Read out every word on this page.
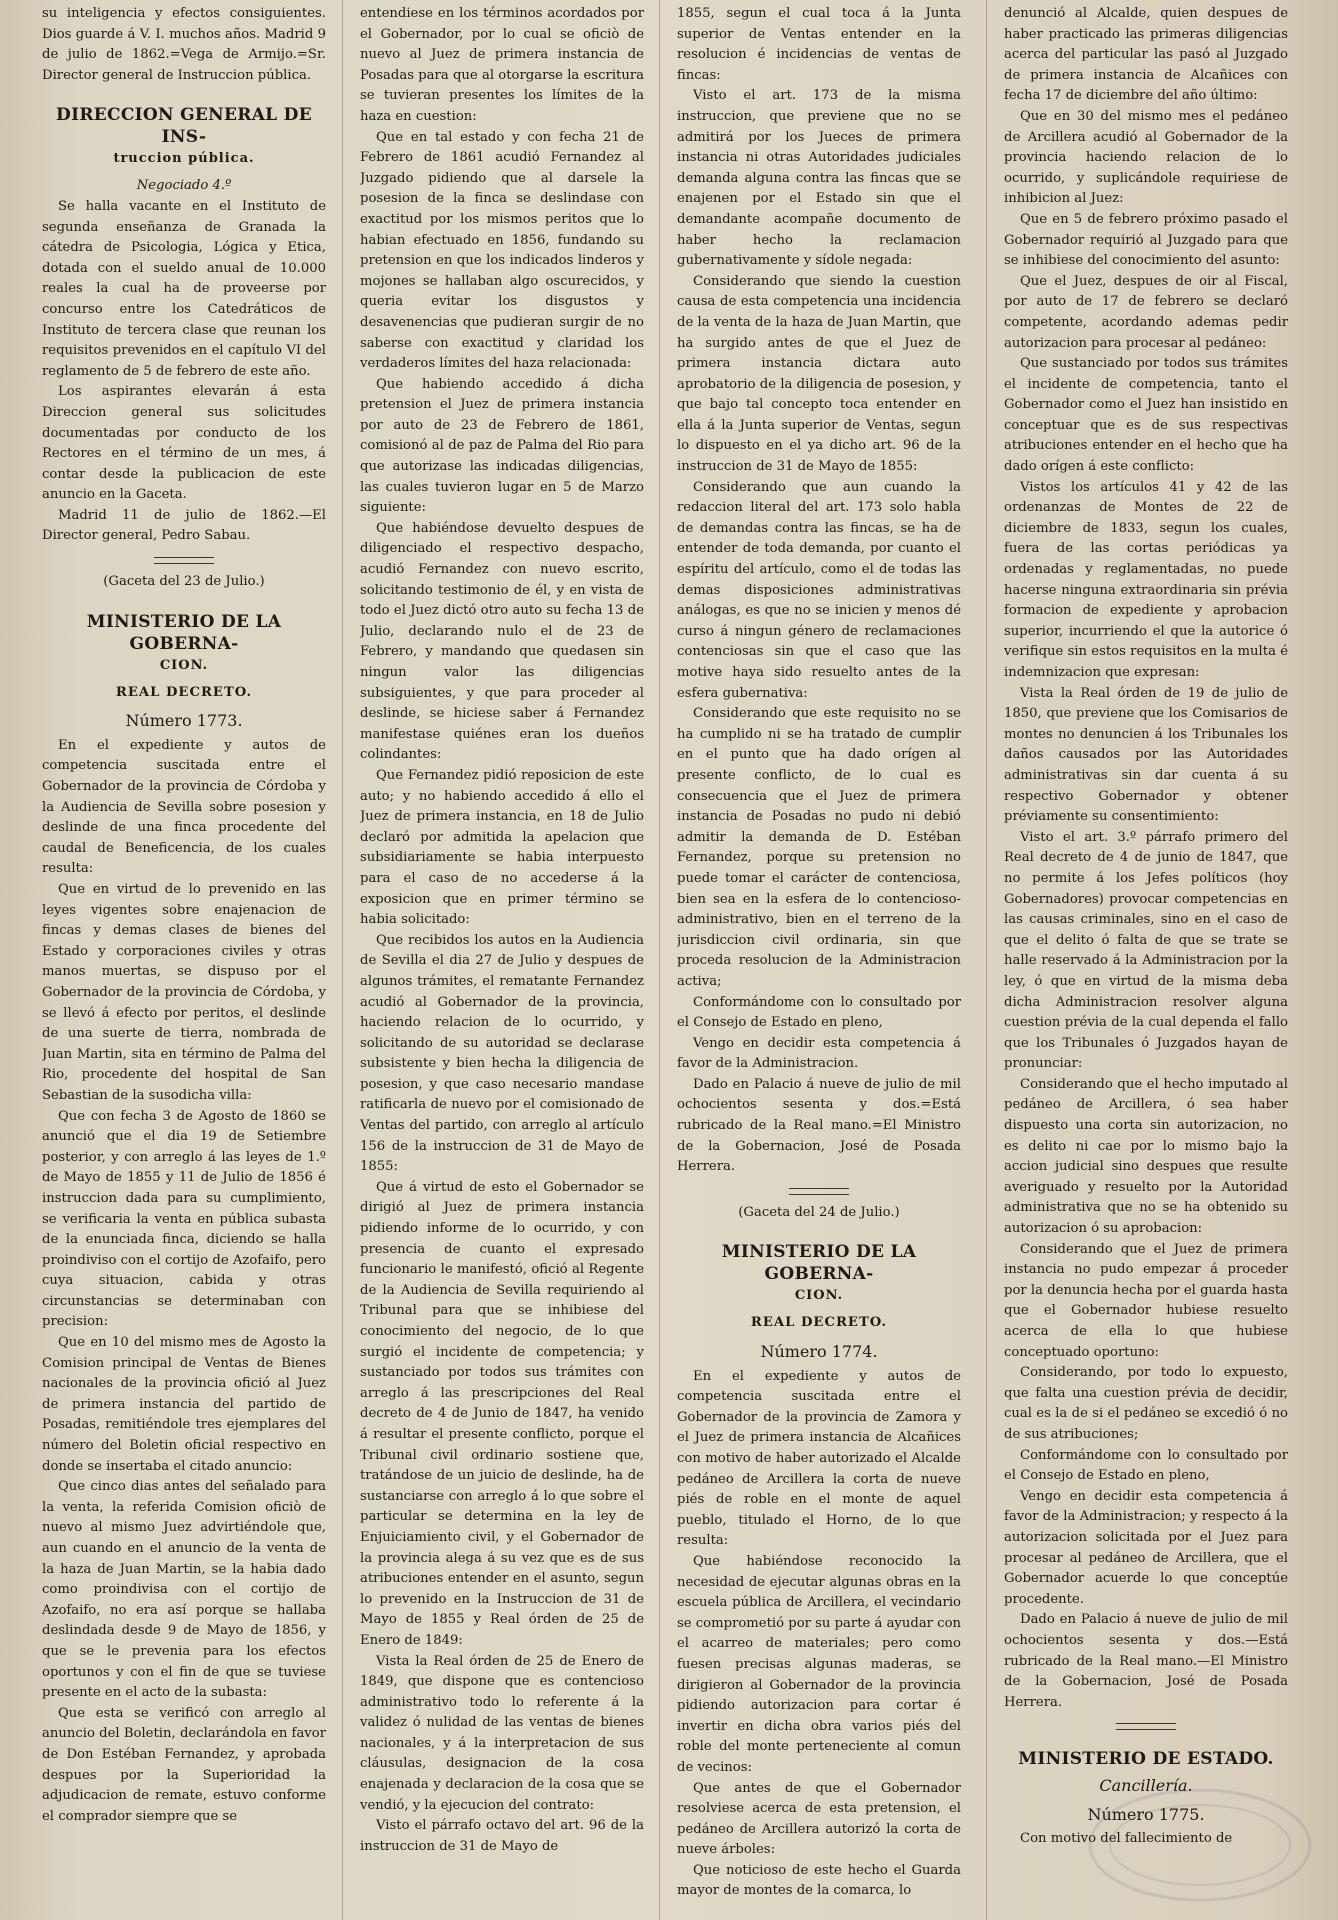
su inteligencia y efectos consiguientes. Dios guarde á V. I. muchos años. Madrid 9 de julio de 1862.=Vega de Armijo.=Sr. Director general de Instruccion pública.

DIRECCION GENERAL DE INS-
truccion pública.

Negociado 4.º

Se halla vacante en el Instituto de segunda enseñanza de Granada la cátedra de Psicologia, Lógica y Etica, dotada con el sueldo anual de 10.000 reales la cual ha de proveerse por concurso entre los Catedráticos de Instituto de tercera clase que reunan los requisitos prevenidos en el capítulo VI del reglamento de 5 de febrero de este año.

Los aspirantes elevarán á esta Direccion general sus solicitudes documentadas por conducto de los Rectores en el término de un mes, á contar desde la publicacion de este anuncio en la Gaceta.

Madrid 11 de julio de 1862.—El Director general, Pedro Sabau.

(Gaceta del 23 de Julio.)

MINISTERIO DE LA GOBERNA-
CION.

REAL DECRETO.

Número 1773.

En el expediente y autos de competencia suscitada entre el Gobernador de la provincia de Córdoba y la Audiencia de Sevilla sobre posesion y deslinde de una finca procedente del caudal de Beneficencia, de los cuales resulta:

Que en virtud de lo prevenido en las leyes vigentes sobre enajenacion de fincas y demas clases de bienes del Estado y corporaciones civiles y otras manos muertas, se dispuso por el Gobernador de la provincia de Córdoba, y se llevó á efecto por peritos, el deslinde de una suerte de tierra, nombrada de Juan Martin, sita en término de Palma del Rio, procedente del hospital de San Sebastian de la susodicha villa:

Que con fecha 3 de Agosto de 1860 se anunció que el dia 19 de Setiembre posterior, y con arreglo á las leyes de 1.º de Mayo de 1855 y 11 de Julio de 1856 é instruccion dada para su cumplimiento, se verificaria la venta en pública subasta de la enunciada finca, diciendo se halla proindiviso con el cortijo de Azofaifo, pero cuya situacion, cabida y otras circunstancias se determinaban con precision:

Que en 10 del mismo mes de Agosto la Comision principal de Ventas de Bienes nacionales de la provincia ofició al Juez de primera instancia del partido de Posadas, remitiéndole tres ejemplares del número del Boletin oficial respectivo en donde se insertaba el citado anuncio:

Que cinco dias antes del señalado para la venta, la referida Comision oficiò de nuevo al mismo Juez advirtiéndole que, aun cuando en el anuncio de la venta de la haza de Juan Martin, se la habia dado como proindivisa con el cortijo de Azofaifo, no era así porque se hallaba deslindada desde 9 de Mayo de 1856, y que se le prevenia para los efectos oportunos y con el fin de que se tuviese presente en el acto de la subasta:

Que esta se verificó con arreglo al anuncio del Boletin, declarándola en favor de Don Estéban Fernandez, y aprobada despues por la Superioridad la adjudicacion de remate, estuvo conforme el comprador siempre que se

entendiese en los términos acordados por el Gobernador, por lo cual se oficiò de nuevo al Juez de primera instancia de Posadas para que al otorgarse la escritura se tuvieran presentes los límites de la haza en cuestion:

Que en tal estado y con fecha 21 de Febrero de 1861 acudió Fernandez al Juzgado pidiendo que al darsele la posesion de la finca se deslindase con exactitud por los mismos peritos que lo habian efectuado en 1856, fundando su pretension en que los indicados linderos y mojones se hallaban algo oscurecidos, y queria evitar los disgustos y desavenencias que pudieran surgir de no saberse con exactitud y claridad los verdaderos límites del haza relacionada:

Que habiendo accedido á dicha pretension el Juez de primera instancia por auto de 23 de Febrero de 1861, comisionó al de paz de Palma del Rio para que autorizase las indicadas diligencias, las cuales tuvieron lugar en 5 de Marzo siguiente:

Que habiéndose devuelto despues de diligenciado el respectivo despacho, acudió Fernandez con nuevo escrito, solicitando testimonio de él, y en vista de todo el Juez dictó otro auto su fecha 13 de Julio, declarando nulo el de 23 de Febrero, y mandando que quedasen sin ningun valor las diligencias subsiguientes, y que para proceder al deslinde, se hiciese saber á Fernandez manifestase quiénes eran los dueños colindantes:

Que Fernandez pidió reposicion de este auto; y no habiendo accedido á ello el Juez de primera instancia, en 18 de Julio declaró por admitida la apelacion que subsidiariamente se habia interpuesto para el caso de no accederse á la exposicion que en primer término se habia solicitado:

Que recibidos los autos en la Audiencia de Sevilla el dia 27 de Julio y despues de algunos trámites, el rematante Fernandez acudió al Gobernador de la provincia, haciendo relacion de lo ocurrido, y solicitando de su autoridad se declarase subsistente y bien hecha la diligencia de posesion, y que caso necesario mandase ratificarla de nuevo por el comisionado de Ventas del partido, con arreglo al artículo 156 de la instruccion de 31 de Mayo de 1855:

Que á virtud de esto el Gobernador se dirigió al Juez de primera instancia pidiendo informe de lo ocurrido, y con presencia de cuanto el expresado funcionario le manifestó, ofició al Regente de la Audiencia de Sevilla requiriendo al Tribunal para que se inhibiese del conocimiento del negocio, de lo que surgió el incidente de competencia; y sustanciado por todos sus trámites con arreglo á las prescripciones del Real decreto de 4 de Junio de 1847, ha venido á resultar el presente conflicto, porque el Tribunal civil ordinario sostiene que, tratándose de un juicio de deslinde, ha de sustanciarse con arreglo á lo que sobre el particular se determina en la ley de Enjuiciamiento civil, y el Gobernador de la provincia alega á su vez que es de sus atribuciones entender en el asunto, segun lo prevenido en la Instruccion de 31 de Mayo de 1855 y Real órden de 25 de Enero de 1849:

Vista la Real órden de 25 de Enero de 1849, que dispone que es contencioso administrativo todo lo referente á la validez ó nulidad de las ventas de bienes nacionales, y á la interpretacion de sus cláusulas, designacion de la cosa enajenada y declaracion de la cosa que se vendió, y la ejecucion del contrato:

Visto el párrafo octavo del art. 96 de la instruccion de 31 de Mayo de

1855, segun el cual toca á la Junta superior de Ventas entender en la resolucion é incidencias de ventas de fincas:

Visto el art. 173 de la misma instruccion, que previene que no se admitirá por los Jueces de primera instancia ni otras Autoridades judiciales demanda alguna contra las fincas que se enajenen por el Estado sin que el demandante acompañe documento de haber hecho la reclamacion gubernativamente y sídole negada:

Considerando que siendo la cuestion causa de esta competencia una incidencia de la venta de la haza de Juan Martin, que ha surgido antes de que el Juez de primera instancia dictara auto aprobatorio de la diligencia de posesion, y que bajo tal concepto toca entender en ella á la Junta superior de Ventas, segun lo dispuesto en el ya dicho art. 96 de la instruccion de 31 de Mayo de 1855:

Considerando que aun cuando la redaccion literal del art. 173 solo habla de demandas contra las fincas, se ha de entender de toda demanda, por cuanto el espíritu del artículo, como el de todas las demas disposiciones administrativas análogas, es que no se inicien y menos dé curso á ningun género de reclamaciones contenciosas sin que el caso que las motive haya sido resuelto antes de la esfera gubernativa:

Considerando que este requisito no se ha cumplido ni se ha tratado de cumplir en el punto que ha dado orígen al presente conflicto, de lo cual es consecuencia que el Juez de primera instancia de Posadas no pudo ni debió admitir la demanda de D. Estéban Fernandez, porque su pretension no puede tomar el carácter de contenciosa, bien sea en la esfera de lo contencioso-administrativo, bien en el terreno de la jurisdiccion civil ordinaria, sin que proceda resolucion de la Administracion activa;

Conformándome con lo consultado por el Consejo de Estado en pleno,

Vengo en decidir esta competencia á favor de la Administracion.

Dado en Palacio á nueve de julio de mil ochocientos sesenta y dos.=Está rubricado de la Real mano.=El Ministro de la Gobernacion, José de Posada Herrera.

(Gaceta del 24 de Julio.)

MINISTERIO DE LA GOBERNA-
CION.

REAL DECRETO.

Número 1774.

En el expediente y autos de competencia suscitada entre el Gobernador de la provincia de Zamora y el Juez de primera instancia de Alcañices con motivo de haber autorizado el Alcalde pedáneo de Arcillera la corta de nueve piés de roble en el monte de aquel pueblo, titulado el Horno, de lo que resulta:

Que habiéndose reconocido la necesidad de ejecutar algunas obras en la escuela pública de Arcillera, el vecindario se comprometió por su parte á ayudar con el acarreo de materiales; pero como fuesen precisas algunas maderas, se dirigieron al Gobernador de la provincia pidiendo autorizacion para cortar é invertir en dicha obra varios piés del roble del monte perteneciente al comun de vecinos:

Que antes de que el Gobernador resolviese acerca de esta pretension, el pedáneo de Arcillera autorizó la corta de nueve árboles:

Que noticioso de este hecho el Guarda mayor de montes de la comarca, lo

denunció al Alcalde, quien despues de haber practicado las primeras diligencias acerca del particular las pasó al Juzgado de primera instancia de Alcañices con fecha 17 de diciembre del año último:

Que en 30 del mismo mes el pedáneo de Arcillera acudió al Gobernador de la provincia haciendo relacion de lo ocurrido, y suplicándole requiriese de inhibicion al Juez:

Que en 5 de febrero próximo pasado el Gobernador requirió al Juzgado para que se inhibiese del conocimiento del asunto:

Que el Juez, despues de oir al Fiscal, por auto de 17 de febrero se declaró competente, acordando ademas pedir autorizacion para procesar al pedáneo:

Que sustanciado por todos sus trámites el incidente de competencia, tanto el Gobernador como el Juez han insistido en conceptuar que es de sus respectivas atribuciones entender en el hecho que ha dado orígen á este conflicto:

Vistos los artículos 41 y 42 de las ordenanzas de Montes de 22 de diciembre de 1833, segun los cuales, fuera de las cortas periódicas ya ordenadas y reglamentadas, no puede hacerse ninguna extraordinaria sin prévia formacion de expediente y aprobacion superior, incurriendo el que la autorice ó verifique sin estos requisitos en la multa é indemnizacion que expresan:

Vista la Real órden de 19 de julio de 1850, que previene que los Comisarios de montes no denuncien á los Tribunales los daños causados por las Autoridades administrativas sin dar cuenta á su respectivo Gobernador y obtener préviamente su consentimiento:

Visto el art. 3.º párrafo primero del Real decreto de 4 de junio de 1847, que no permite á los Jefes políticos (hoy Gobernadores) provocar competencias en las causas criminales, sino en el caso de que el delito ó falta de que se trate se halle reservado á la Administracion por la ley, ó que en virtud de la misma deba dicha Administracion resolver alguna cuestion prévia de la cual dependa el fallo que los Tribunales ó Juzgados hayan de pronunciar:

Considerando que el hecho imputado al pedáneo de Arcillera, ó sea haber dispuesto una corta sin autorizacion, no es delito ni cae por lo mismo bajo la accion judicial sino despues que resulte averiguado y resuelto por la Autoridad administrativa que no se ha obtenido su autorizacion ó su aprobacion:

Considerando que el Juez de primera instancia no pudo empezar á proceder por la denuncia hecha por el guarda hasta que el Gobernador hubiese resuelto acerca de ella lo que hubiese conceptuado oportuno:

Considerando, por todo lo expuesto, que falta una cuestion prévia de decidir, cual es la de si el pedáneo se excedió ó no de sus atribuciones;

Conformándome con lo consultado por el Consejo de Estado en pleno,

Vengo en decidir esta competencia á favor de la Administracion; y respecto á la autorizacion solicitada por el Juez para procesar al pedáneo de Arcillera, que el Gobernador acuerde lo que conceptúe procedente.

Dado en Palacio á nueve de julio de mil ochocientos sesenta y dos.—Está rubricado de la Real mano.—El Ministro de la Gobernacion, José de Posada Herrera.

MINISTERIO DE ESTADO.

Cancillería.

Número 1775.

Con motivo del fallecimiento de
